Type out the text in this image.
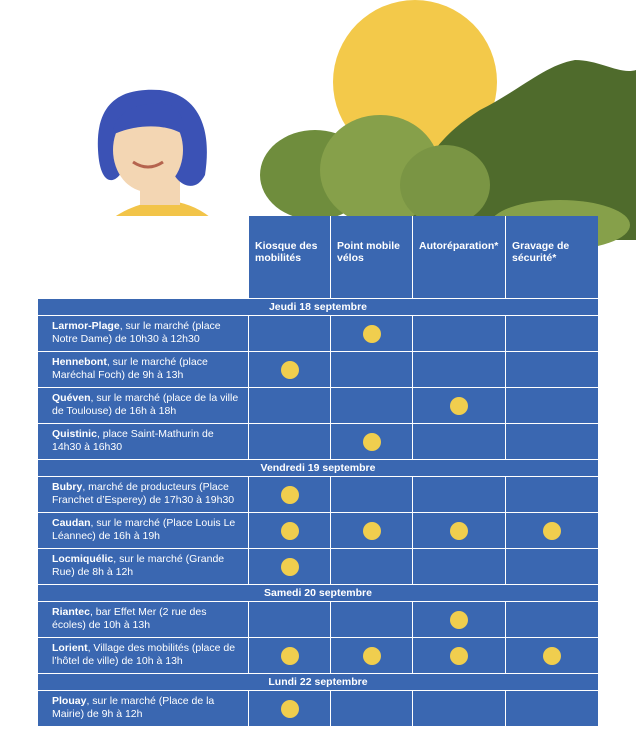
Kiosque des mobilités
Point mobile vélos
Autoréparation*	Gravage de sécurité*
Jeudi 18 septembre
Larmor-Plage, sur le marché (place Notre Dame) de 10h30 à 12h30
Hennebont, sur le marché (place Maréchal Foch) de 9h à 13h
Quéven, sur le marché (place de la ville de Toulouse) de 16h à 18h
Quistinic, place Saint-Mathurin de 14h30 à 16h30
Vendredi 19 septembre
Bubry, marché de producteurs (Place Franchet d’Esperey) de 17h30 à 19h30
Caudan, sur le marché (Place Louis Le Léannec) de 16h à 19h
Locmiquélic, sur le marché (Grande Rue) de 8h à 12h
Samedi 20 septembre
Riantec, bar Effet Mer (2 rue des écoles) de 10h à 13h
Lorient, Village des mobilités (place de l’hôtel de ville) de 10h à 13h
Lundi 22 septembre
Plouay, sur le marché (Place de la Mairie) de 9h à 12h
